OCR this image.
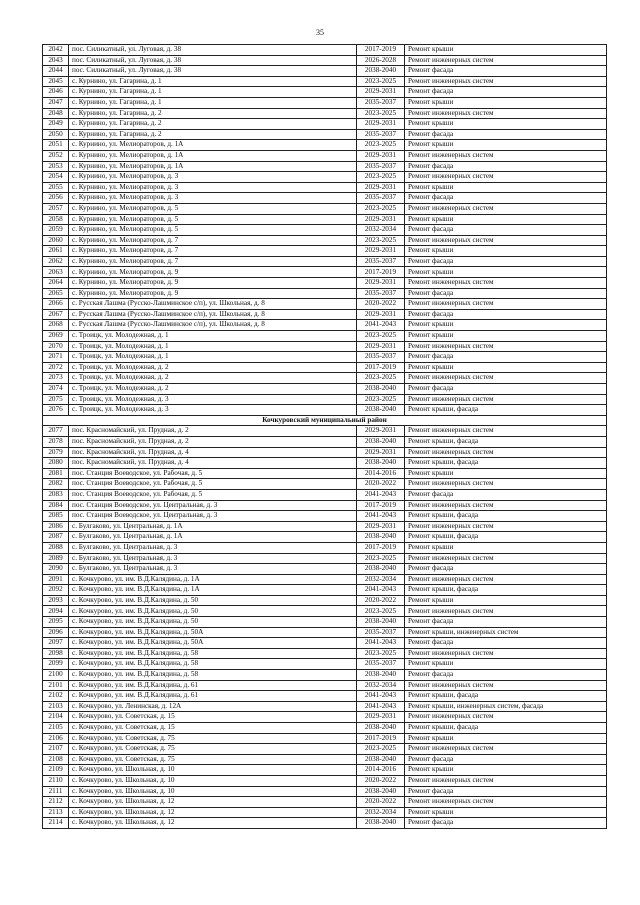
35
2042	пос. Силикатный, ул. Луговая, д. 38	2017-2019	Ремонт крыши
2043	пос. Силикатный, ул. Луговая, д. 38	2026-2028	Ремонт инженерных систем
2044	пос. Силикатный, ул. Луговая, д. 38	2038-2040	Ремонт фасада
2045	с. Курнино, ул. Гагарина, д. 1	2023-2025	Ремонт инженерных систем
2046	с. Курнино, ул. Гагарина, д. 1	2029-2031	Ремонт фасада
2047	с. Курнино, ул. Гагарина, д. 1	2035-2037	Ремонт крыши
2048	с. Курнино, ул. Гагарина, д. 2	2023-2025	Ремонт инженерных систем
2049	с. Курнино, ул. Гагарина, д. 2	2029-2031	Ремонт крыши
2050	с. Курнино, ул. Гагарина, д. 2	2035-2037	Ремонт фасада
2051	с. Курнино, ул. Мелиораторов, д. 1А	2023-2025	Ремонт крыши
2052	с. Курнино, ул. Мелиораторов, д. 1А	2029-2031	Ремонт инженерных систем
2053	с. Курнино, ул. Мелиораторов, д. 1А	2035-2037	Ремонт фасада
2054	с. Курнино, ул. Мелиораторов, д. 3	2023-2025	Ремонт инженерных систем
2055	с. Курнино, ул. Мелиораторов, д. 3	2029-2031	Ремонт крыши
2056	с. Курнино, ул. Мелиораторов, д. 3	2035-2037	Ремонт фасада
2057	с. Курнино, ул. Мелиораторов, д. 5	2023-2025	Ремонт инженерных систем
2058	с. Курнино, ул. Мелиораторов, д. 5	2029-2031	Ремонт крыши
2059	с. Курнино, ул. Мелиораторов, д. 5	2032-2034	Ремонт фасада
2060	с. Курнино, ул. Мелиораторов, д. 7	2023-2025	Ремонт инженерных систем
2061	с. Курнино, ул. Мелиораторов, д. 7	2029-2031	Ремонт крыши
2062	с. Курнино, ул. Мелиораторов, д. 7	2035-2037	Ремонт фасада
2063	с. Курнино, ул. Мелиораторов, д. 9	2017-2019	Ремонт крыши
2064	с. Курнино, ул. Мелиораторов, д. 9	2029-2031	Ремонт инженерных систем
2065	с. Курнино, ул. Мелиораторов, д. 9	2035-2037	Ремонт фасада
2066	с. Русская Лашма (Русско-Лашминское с/п), ул. Школьная, д. 8	2020-2022	Ремонт инженерных систем
2067	с. Русская Лашма (Русско-Лашминское с/п), ул. Школьная, д. 8	2029-2031	Ремонт фасада
2068	с. Русская Лашма (Русско-Лашминское с/п), ул. Школьная, д. 8	2041-2043	Ремонт крыши
2069	с. Троицк, ул. Молодежная, д. 1	2023-2025	Ремонт крыши
2070	с. Троицк, ул. Молодежная, д. 1	2029-2031	Ремонт инженерных систем
2071	с. Троицк, ул. Молодежная, д. 1	2035-2037	Ремонт фасада
2072	с. Троицк, ул. Молодежная, д. 2	2017-2019	Ремонт крыши
2073	с. Троицк, ул. Молодежная, д. 2	2023-2025	Ремонт инженерных систем
2074	с. Троицк, ул. Молодежная, д. 2	2038-2040	Ремонт фасада
2075	с. Троицк, ул. Молодежная, д. 3	2023-2025	Ремонт инженерных систем
2076	с. Троицк, ул. Молодежная, д. 3	2038-2040	Ремонт крыши, фасада
Кочкуровский муниципальный район			
2077	пос. Красномайский, ул. Прудная, д. 2	2029-2031	Ремонт инженерных систем
2078	пос. Красномайский, ул. Прудная, д. 2	2038-2040	Ремонт крыши, фасада
2079	пос. Красномайский, ул. Прудная, д. 4	2029-2031	Ремонт инженерных систем
2080	пос. Красномайский, ул. Прудная, д. 4	2038-2040	Ремонт крыши, фасада
2081	пос. Станция Воеводское, ул. Рабочая, д. 5	2014-2016	Ремонт крыши
2082	пос. Станция Воеводское, ул. Рабочая, д. 5	2020-2022	Ремонт инженерных систем
2083	пос. Станция Воеводское, ул. Рабочая, д. 5	2041-2043	Ремонт фасада
2084	пос. Станция Воеводское, ул. Центральная, д. 3	2017-2019	Ремонт инженерных систем
2085	пос. Станция Воеводское, ул. Центральная, д. 3	2041-2043	Ремонт крыши, фасада
2086	с. Булгаково, ул. Центральная, д. 1А	2029-2031	Ремонт инженерных систем
2087	с. Булгаково, ул. Центральная, д. 1А	2038-2040	Ремонт крыши, фасада
2088	с. Булгаково, ул. Центральная, д. 3	2017-2019	Ремонт крыши
2089	с. Булгаково, ул. Центральная, д. 3	2023-2025	Ремонт инженерных систем
2090	с. Булгаково, ул. Центральная, д. 3	2038-2040	Ремонт фасада
2091	с. Кочкурово, ул. им. В.Д.Калядина, д. 1А	2032-2034	Ремонт инженерных систем
2092	с. Кочкурово, ул. им. В.Д.Калядина, д. 1А	2041-2043	Ремонт крыши, фасада
2093	с. Кочкурово, ул. им. В.Д.Калядина, д. 50	2020-2022	Ремонт крыши
2094	с. Кочкурово, ул. им. В.Д.Калядина, д. 50	2023-2025	Ремонт инженерных систем
2095	с. Кочкурово, ул. им. В.Д.Калядина, д. 50	2038-2040	Ремонт фасада
2096	с. Кочкурово, ул. им. В.Д.Калядина, д. 50А	2035-2037	Ремонт крыши, инженерных систем
2097	с. Кочкурово, ул. им. В.Д.Калядина, д. 50А	2041-2043	Ремонт фасада
2098	с. Кочкурово, ул. им. В.Д.Калядина, д. 58	2023-2025	Ремонт инженерных систем
2099	с. Кочкурово, ул. им. В.Д.Калядина, д. 58	2035-2037	Ремонт крыши
2100	с. Кочкурово, ул. им. В.Д.Калядина, д. 58	2038-2040	Ремонт фасада
2101	с. Кочкурово, ул. им. В.Д.Калядина, д. 61	2032-2034	Ремонт инженерных систем
2102	с. Кочкурово, ул. им. В.Д.Калядина, д. 61	2041-2043	Ремонт крыши, фасада
2103	с. Кочкурово, ул. Ленинская, д. 12А	2041-2043	Ремонт крыши, инженерных систем, фасада
2104	с. Кочкурово, ул. Советская, д. 15	2029-2031	Ремонт инженерных систем
2105	с. Кочкурово, ул. Советская, д. 15	2038-2040	Ремонт крыши, фасада
2106	с. Кочкурово, ул. Советская, д. 75	2017-2019	Ремонт крыши
2107	с. Кочкурово, ул. Советская, д. 75	2023-2025	Ремонт инженерных систем
2108	с. Кочкурово, ул. Советская, д. 75	2038-2040	Ремонт фасада
2109	с. Кочкурово, ул. Школьная, д. 10	2014-2016	Ремонт крыши
2110	с. Кочкурово, ул. Школьная, д. 10	2020-2022	Ремонт инженерных систем
2111	с. Кочкурово, ул. Школьная, д. 10	2038-2040	Ремонт фасада
2112	с. Кочкурово, ул. Школьная, д. 12	2020-2022	Ремонт инженерных систем
2113	с. Кочкурово, ул. Школьная, д. 12	2032-2034	Ремонт крыши
2114	с. Кочкурово, ул. Школьная, д. 12	2038-2040	Ремонт фасада
